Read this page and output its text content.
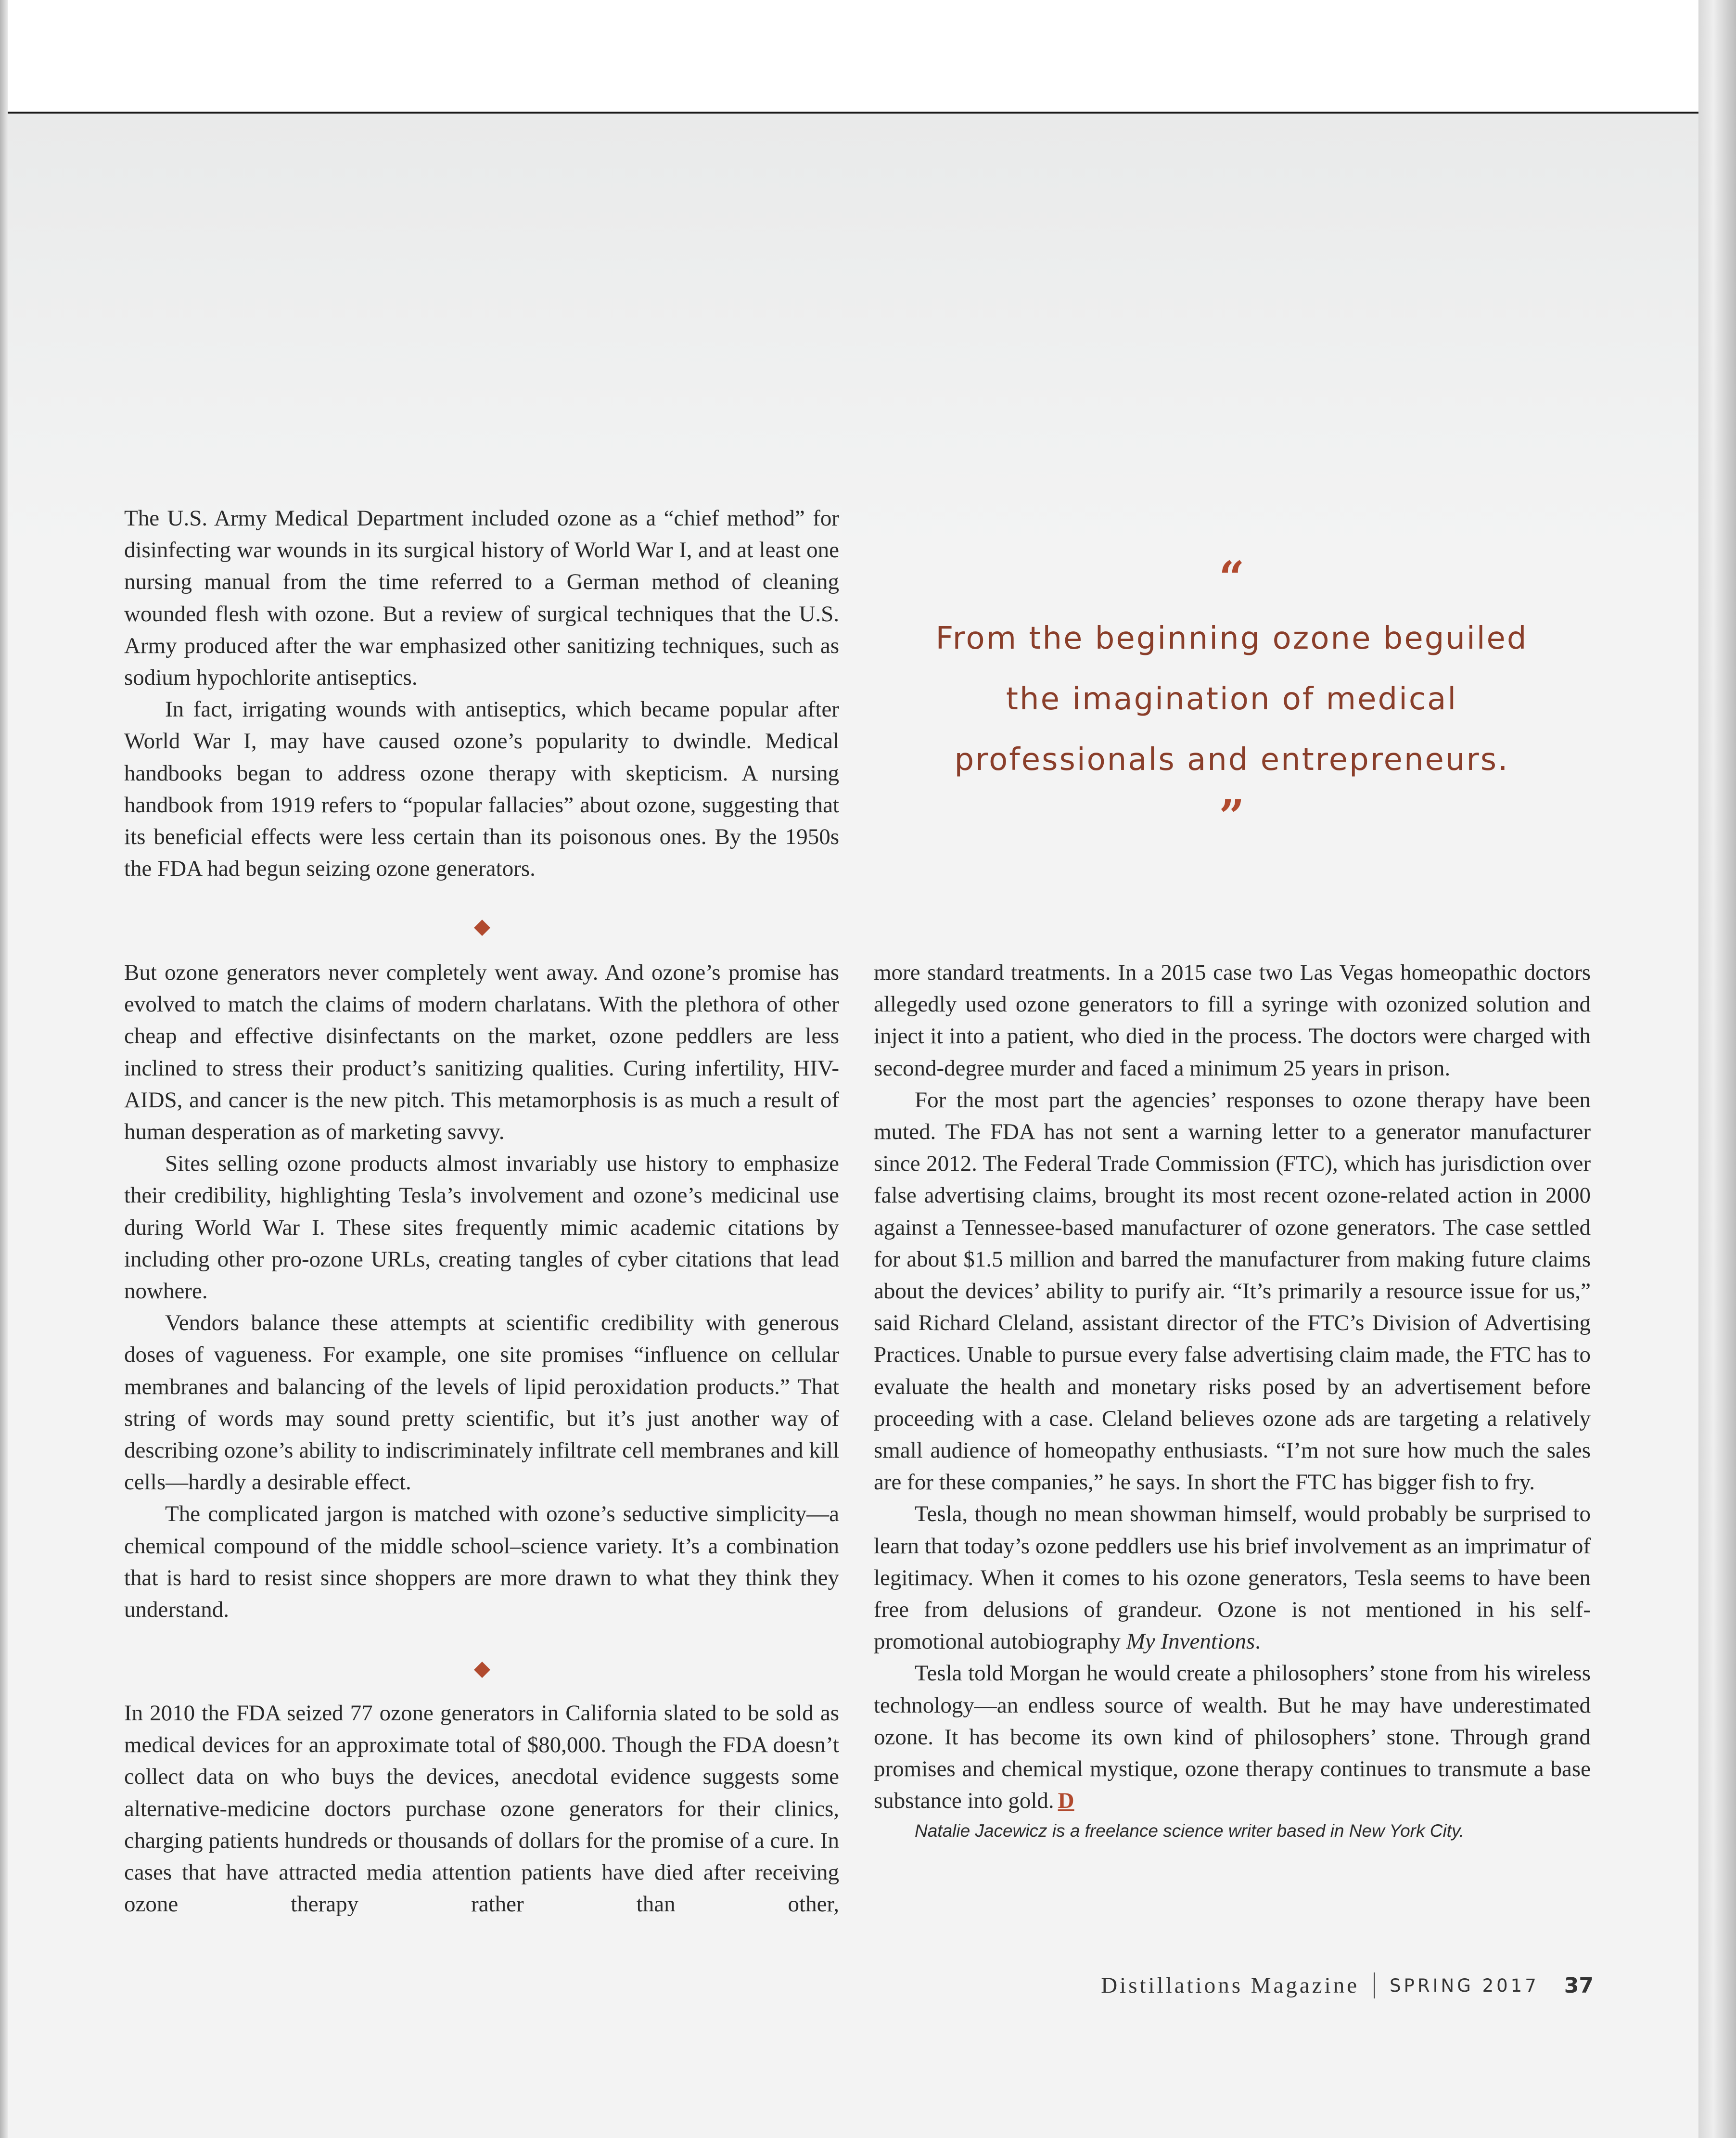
The U.S. Army Medical Department included ozone as a “chief method” for disinfecting war wounds in its surgical history of World War I, and at least one nursing manual from the time referred to a German method of cleaning wounded flesh with ozone. But a review of surgical techniques that the U.S. Army produced after the war emphasized other sanitizing techniques, such as sodium hypochlorite antiseptics.

In fact, irrigating wounds with antiseptics, which became popular after World War I, may have caused ozone’s popularity to dwindle. Medical handbooks began to address ozone therapy with skepticism. A nursing handbook from 1919 refers to “popular fallacies” about ozone, suggesting that its beneficial effects were less certain than its poisonous ones. By the 1950s the FDA had begun seizing ozone generators.

“
From the beginning ozone beguiled
the imagination of medical
professionals and entrepreneurs.
”

But ozone generators never completely went away. And ozone’s promise has evolved to match the claims of modern charlatans. With the plethora of other cheap and effective disinfectants on the market, ozone peddlers are less inclined to stress their product’s sanitizing qualities. Curing infertility, HIV-AIDS, and cancer is the new pitch. This metamorphosis is as much a result of human desperation as of marketing savvy.

Sites selling ozone products almost invariably use history to emphasize their credibility, highlighting Tesla’s involvement and ozone’s medicinal use during World War I. These sites frequently mimic academic citations by including other pro-ozone URLs, creating tangles of cyber citations that lead nowhere.

Vendors balance these attempts at scientific credibility with generous doses of vagueness. For example, one site promises “influence on cellular membranes and balancing of the levels of lipid peroxidation products.” That string of words may sound pretty scientific, but it’s just another way of describing ozone’s ability to indiscriminately infiltrate cell membranes and kill cells—hardly a desirable effect.

The complicated jargon is matched with ozone’s seductive simplicity—a chemical compound of the middle school–science variety. It’s a combination that is hard to resist since shoppers are more drawn to what they think they understand.

In 2010 the FDA seized 77 ozone generators in California slated to be sold as medical devices for an approximate total of $80,000. Though the FDA doesn’t collect data on who buys the devices, anecdotal evidence suggests some alternative-medicine doctors purchase ozone generators for their clinics, charging patients hundreds or thousands of dollars for the promise of a cure. In cases that have attracted media attention patients have died after receiving ozone therapy rather than other,

more standard treatments. In a 2015 case two Las Vegas homeopathic doctors allegedly used ozone generators to fill a syringe with ozonized solution and inject it into a patient, who died in the process. The doctors were charged with second-degree murder and faced a minimum 25 years in prison.

For the most part the agencies’ responses to ozone therapy have been muted. The FDA has not sent a warning letter to a generator manufacturer since 2012. The Federal Trade Commission (FTC), which has jurisdiction over false advertising claims, brought its most recent ozone-related action in 2000 against a Tennessee-based manufacturer of ozone generators. The case settled for about $1.5 million and barred the manufacturer from making future claims about the devices’ ability to purify air. “It’s primarily a resource issue for us,” said Richard Cleland, assistant director of the FTC’s Division of Advertising Practices. Unable to pursue every false advertising claim made, the FTC has to evaluate the health and monetary risks posed by an advertisement before proceeding with a case. Cleland believes ozone ads are targeting a relatively small audience of homeopathy enthusiasts. “I’m not sure how much the sales are for these companies,” he says. In short the FTC has bigger fish to fry.

Tesla, though no mean showman himself, would probably be surprised to learn that today’s ozone peddlers use his brief involvement as an imprimatur of legitimacy. When it comes to his ozone generators, Tesla seems to have been free from delusions of grandeur. Ozone is not mentioned in his self-promotional autobiography My Inventions.

Tesla told Morgan he would create a philosophers’ stone from his wireless technology—an endless source of wealth. But he may have underestimated ozone. It has become its own kind of philosophers’ stone. Through grand promises and chemical mystique, ozone therapy continues to transmute a base substance into gold. D

Natalie Jacewicz is a freelance science writer based in New York City.

Distillations Magazine SPRING 2017 37
